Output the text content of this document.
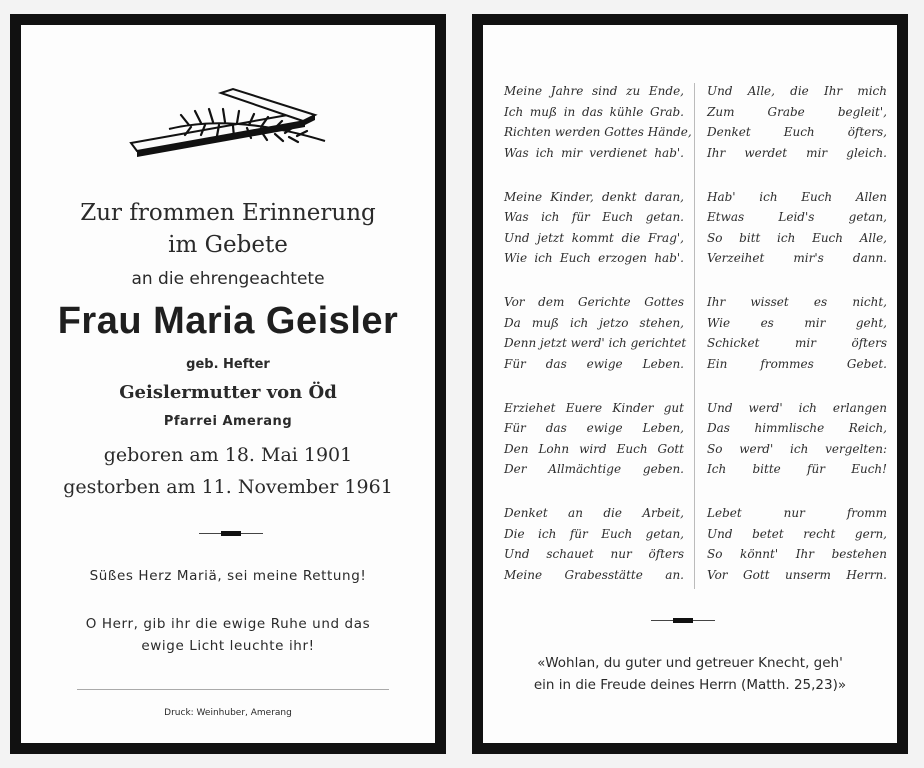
Zur frommen Erinnerung
im Gebete
an die ehrengeachtete
Frau Maria Geisler
geb. Hefter
Geislermutter von Öd
Pfarrei Amerang
geboren am 18. Mai 1901
gestorben am 11. November 1961
Süßes Herz Mariä, sei meine Rettung!
O Herr, gib ihr die ewige Ruhe und das
ewige Licht leuchte ihr!
Druck: Weinhuber, Amerang
Meine Jahre sind zu Ende,
Ich muß in das kühle Grab.
Richten werden Gottes Hände,
Was ich mir verdienet hab'.
Meine Kinder, denkt daran,
Was ich für Euch getan.
Und jetzt kommt die Frag',
Wie ich Euch erzogen hab'.
Vor dem Gerichte Gottes
Da muß ich jetzo stehen,
Denn jetzt werd' ich gerichtet
Für das ewige Leben.
Erziehet Euere Kinder gut
Für das ewige Leben,
Den Lohn wird Euch Gott
Der Allmächtige geben.
Denket an die Arbeit,
Die ich für Euch getan,
Und schauet nur öfters
Meine Grabesstätte an.
Und Alle, die Ihr mich
Zum Grabe begleit',
Denket Euch öfters,
Ihr werdet mir gleich.
Hab' ich Euch Allen
Etwas Leid's getan,
So bitt ich Euch Alle,
Verzeihet mir's dann.
Ihr wisset es nicht,
Wie es mir geht,
Schicket mir öfters
Ein frommes Gebet.
Und werd' ich erlangen
Das himmlische Reich,
So werd' ich vergelten:
Ich bitte für Euch!
Lebet nur fromm
Und betet recht gern,
So könnt' Ihr bestehen
Vor Gott unserm Herrn.
«Wohlan, du guter und getreuer Knecht, geh'
ein in die Freude deines Herrn (Matth. 25,23)»
